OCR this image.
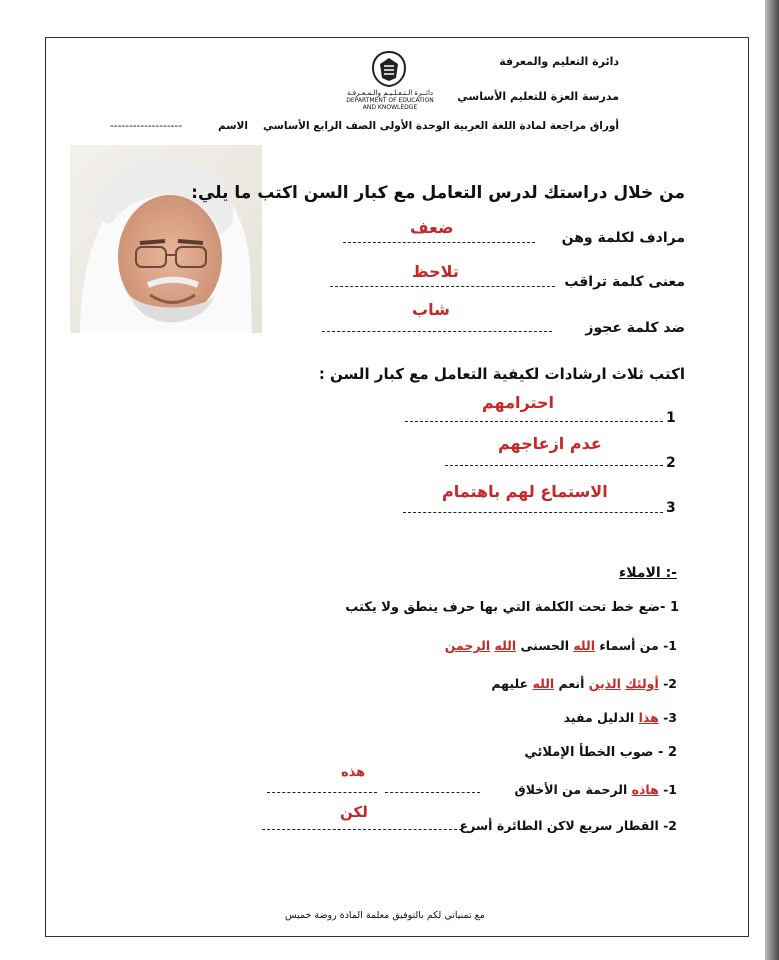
دائــرة الـتـعـلـيـم والـمـعـرفـة
DEPARTMENT OF EDUCATION
AND KNOWLEDGE
دائرة التعليم والمعرفة
مدرسة العزة للتعليم الأساسي
أوراق مراجعة لمادة اللغة العربية الوحدة الأولى الصف الرابع الأساسي
الاسم
-------------------
من خلال دراستك لدرس التعامل مع كبار السن اكتب ما يلي:
مرادف لكلمة وهن
ضعف
معنى كلمة تراقب
تلاحظ
ضد كلمة عجوز
شاب
اكتب ثلاث ارشادات لكيفية التعامل مع كبار السن :
احترامهم
1
عدم ازعاجهم
2
الاستماع لهم باهتمام
3
-: الاملاء
1 -ضع خط تحت الكلمة التي بها حرف ينطق ولا يكتب
1- من أسماء الله الحسنى الله الرحمن
2- أولئك الذين أنعم الله عليهم
3- هذا الدليل مفيد
2 - صوب الخطأ الإملائي
هذه
1- هاذه الرحمة من الأخلاق
لكن
2- القطار سريع لاكن الطائرة أسرع
مع تمنياتي لكم بالتوفيق معلمة المادة روضة خميس
